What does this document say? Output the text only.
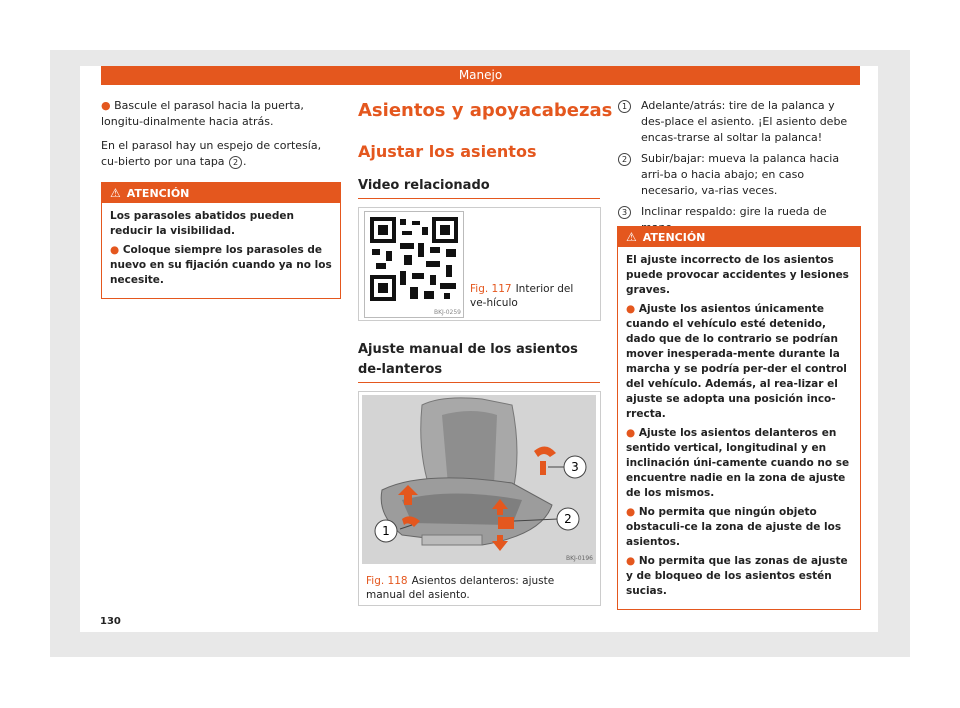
Manejo

● Bascule el parasol hacia la puerta, longitu-dinalmente hacia atrás.

En el parasol hay un espejo de cortesía, cu-bierto por una tapa 2 .

⚠ ATENCIÓN

Los parasoles abatidos pueden reducir la visibilidad.

● Coloque siempre los parasoles de nuevo en su fijación cuando ya no los necesite.

Asientos y apoyacabezas
Ajustar los asientos
Video relacionado
BKJ-0259
Fig. 117 Interior del ve-hículo
Ajuste manual de los asientos de-lanteros
1
2
3
BKJ-0196
Fig. 118 Asientos delanteros: ajuste manual del asiento.
1	Adelante/atrás: tire de la palanca y des-place el asiento. ¡El asiento debe encas-trarse al soltar la palanca!
2	Subir/bajar: mueva la palanca hacia arri-ba o hacia abajo; en caso necesario, va-rias veces.
3	Inclinar respaldo: gire la rueda de
⚠ ATENCIÓN

El ajuste incorrecto de los asientos puede provocar accidentes y lesiones graves.

● Ajuste los asientos únicamente cuando el vehículo esté detenido, dado que de lo contrario se podrían mover inesperada-mente durante la marcha y se podría per-der el control del vehículo. Además, al rea-lizar el ajuste se adopta una posición inco-rrecta.

● Ajuste los asientos delanteros en sentido vertical, longitudinal y en inclinación úni-camente cuando no se encuentre nadie en la zona de ajuste de los mismos.

● No permita que ningún objeto obstaculi-ce la zona de ajuste de los asientos.

● No permita que las zonas de ajuste y de bloqueo de los asientos estén sucias.

130
